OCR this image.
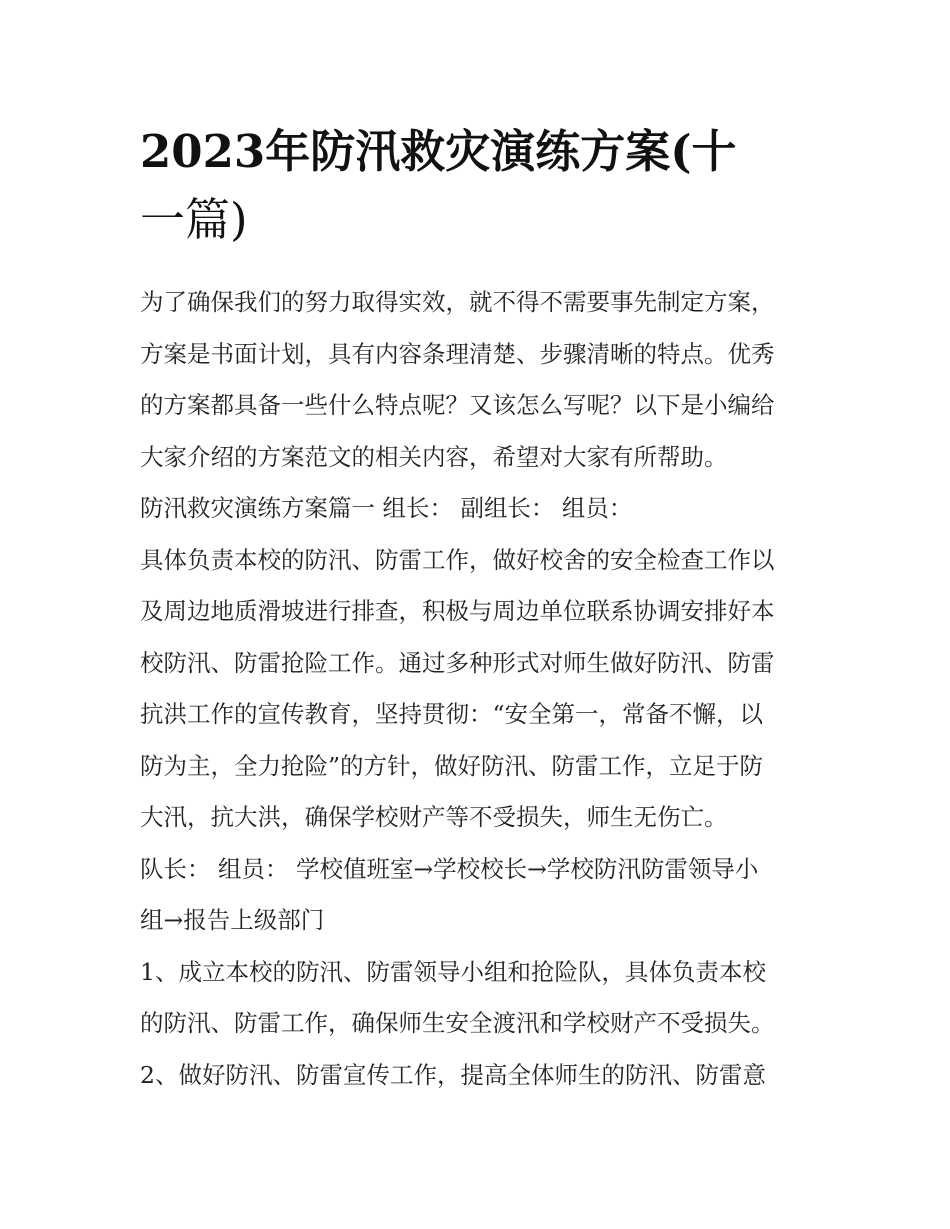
2023年防汛救灾演练方案(十
一篇)
为了确保我们的努力取得实效，就不得不需要事先制定方案，
方案是书面计划，具有内容条理清楚、步骤清晰的特点。优秀
的方案都具备一些什么特点呢？又该怎么写呢？以下是小编给
大家介绍的方案范文的相关内容，希望对大家有所帮助。
防汛救灾演练方案篇一 组长： 副组长： 组员：
具体负责本校的防汛、防雷工作，做好校舍的安全检查工作以
及周边地质滑坡进行排查，积极与周边单位联系协调安排好本
校防汛、防雷抢险工作。通过多种形式对师生做好防汛、防雷
抗洪工作的宣传教育，坚持贯彻：“安全第一，常备不懈，以
防为主，全力抢险”的方针，做好防汛、防雷工作，立足于防
大汛，抗大洪，确保学校财产等不受损失，师生无伤亡。
队长： 组员： 学校值班室→学校校长→学校防汛防雷领导小
组→报告上级部门
1、成立本校的防汛、防雷领导小组和抢险队，具体负责本校
的防汛、防雷工作，确保师生安全渡汛和学校财产不受损失。
2、做好防汛、防雷宣传工作，提高全体师生的防汛、防雷意
